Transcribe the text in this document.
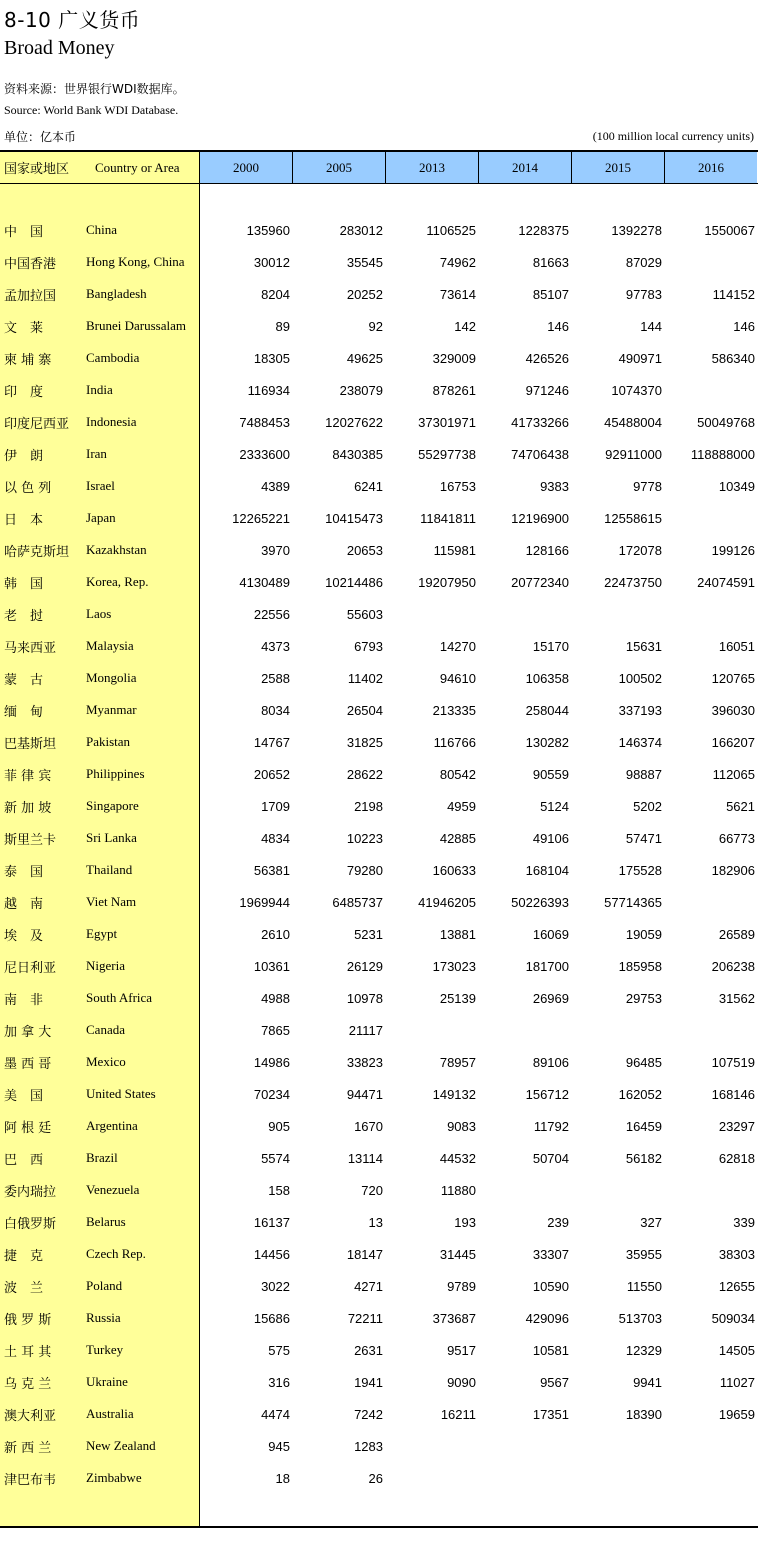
8-10 广义货币
Broad Money
资料来源：世界银行WDI数据库。
Source: World Bank WDI Database.
单位：亿本币	(100 million local currency units)
国家或地区	Country or Area	2000	2005	2013	2014	2015	2016
中　国	China	135960	283012	1106525	1228375	1392278	1550067
中国香港	Hong Kong, China	30012	35545	74962	81663	87029
孟加拉国	Bangladesh	8204	20252	73614	85107	97783	114152
文　莱	Brunei Darussalam	89	92	142	146	144	146
柬 埔 寨	Cambodia	18305	49625	329009	426526	490971	586340
印　度	India	116934	238079	878261	971246	1074370
印度尼西亚	Indonesia	7488453	12027622	37301971	41733266	45488004	50049768
伊　朗	Iran	2333600	8430385	55297738	74706438	92911000	118888000
以 色 列	Israel	4389	6241	16753	9383	9778	10349
日　本	Japan	12265221	10415473	11841811	12196900	12558615
哈萨克斯坦	Kazakhstan	3970	20653	115981	128166	172078	199126
韩　国	Korea, Rep.	4130489	10214486	19207950	20772340	22473750	24074591
老　挝	Laos	22556	55603
马来西亚	Malaysia	4373	6793	14270	15170	15631	16051
蒙　古	Mongolia	2588	11402	94610	106358	100502	120765
缅　甸	Myanmar	8034	26504	213335	258044	337193	396030
巴基斯坦	Pakistan	14767	31825	116766	130282	146374	166207
菲 律 宾	Philippines	20652	28622	80542	90559	98887	112065
新 加 坡	Singapore	1709	2198	4959	5124	5202	5621
斯里兰卡	Sri Lanka	4834	10223	42885	49106	57471	66773
泰　国	Thailand	56381	79280	160633	168104	175528	182906
越　南	Viet Nam	1969944	6485737	41946205	50226393	57714365
埃　及	Egypt	2610	5231	13881	16069	19059	26589
尼日利亚	Nigeria	10361	26129	173023	181700	185958	206238
南　非	South Africa	4988	10978	25139	26969	29753	31562
加 拿 大	Canada	7865	21117
墨 西 哥	Mexico	14986	33823	78957	89106	96485	107519
美　国	United States	70234	94471	149132	156712	162052	168146
阿 根 廷	Argentina	905	1670	9083	11792	16459	23297
巴　西	Brazil	5574	13114	44532	50704	56182	62818
委内瑞拉	Venezuela	158	720	11880
白俄罗斯	Belarus	16137	13	193	239	327	339
捷　克	Czech Rep.	14456	18147	31445	33307	35955	38303
波　兰	Poland	3022	4271	9789	10590	11550	12655
俄 罗 斯	Russia	15686	72211	373687	429096	513703	509034
土 耳 其	Turkey	575	2631	9517	10581	12329	14505
乌 克 兰	Ukraine	316	1941	9090	9567	9941	11027
澳大利亚	Australia	4474	7242	16211	17351	18390	19659
新 西 兰	New Zealand	945	1283
津巴布韦	Zimbabwe	18	26
